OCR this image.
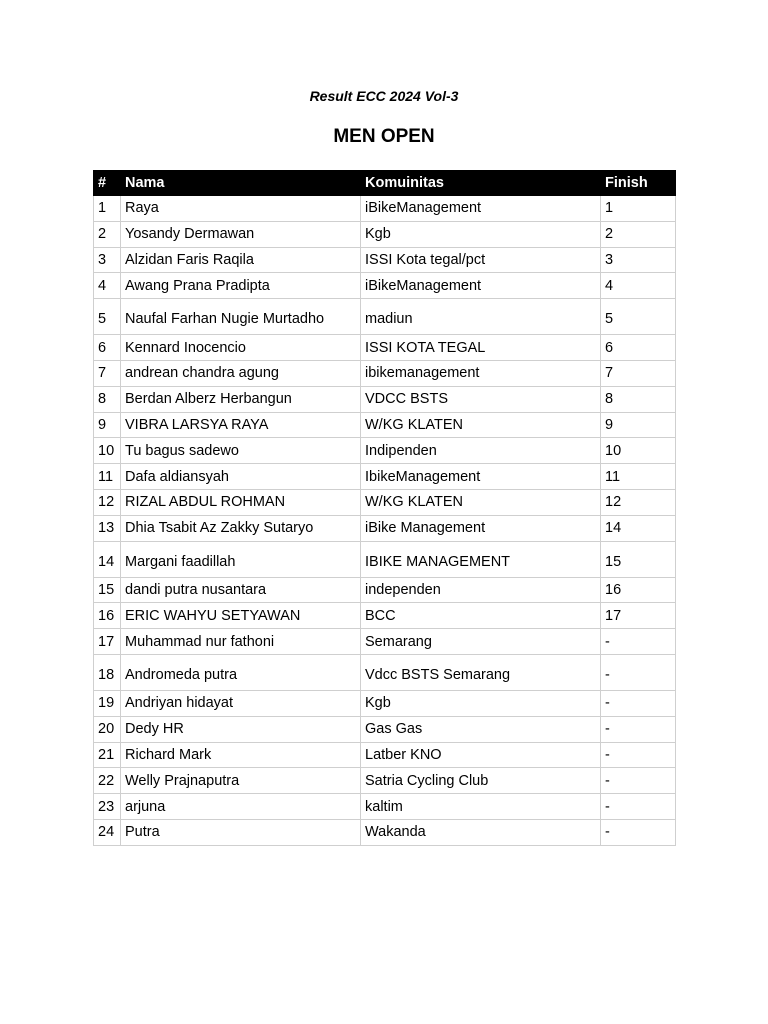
Result ECC 2024 Vol-3
MEN OPEN
#	Nama	Komuinitas	Finish
1	Raya	iBikeManagement	1
2	Yosandy Dermawan	Kgb	2
3	Alzidan Faris Raqila	ISSI Kota tegal/pct	3
4	Awang Prana Pradipta	iBikeManagement	4
5	Naufal Farhan Nugie Murtadho	madiun	5
6	Kennard Inocencio	ISSI KOTA TEGAL	6
7	andrean chandra agung	ibikemanagement	7
8	Berdan Alberz Herbangun	VDCC BSTS	8
9	VIBRA LARSYA RAYA	W/KG KLATEN	9
10	Tu bagus sadewo	Indipenden	10
11	Dafa aldiansyah	IbikeManagement	11
12	RIZAL ABDUL ROHMAN	W/KG KLATEN	12
13	Dhia Tsabit Az Zakky Sutaryo	iBike Management	14
14	Margani faadillah	IBIKE MANAGEMENT	15
15	dandi putra nusantara	independen	16
16	ERIC WAHYU SETYAWAN	BCC	17
17	Muhammad nur fathoni	Semarang	-
18	Andromeda putra	Vdcc BSTS Semarang	-
19	Andriyan hidayat	Kgb	-
20	Dedy HR	Gas Gas	-
21	Richard Mark	Latber KNO	-
22	Welly Prajnaputra	Satria Cycling Club	-
23	arjuna	kaltim	-
24	Putra	Wakanda	-
